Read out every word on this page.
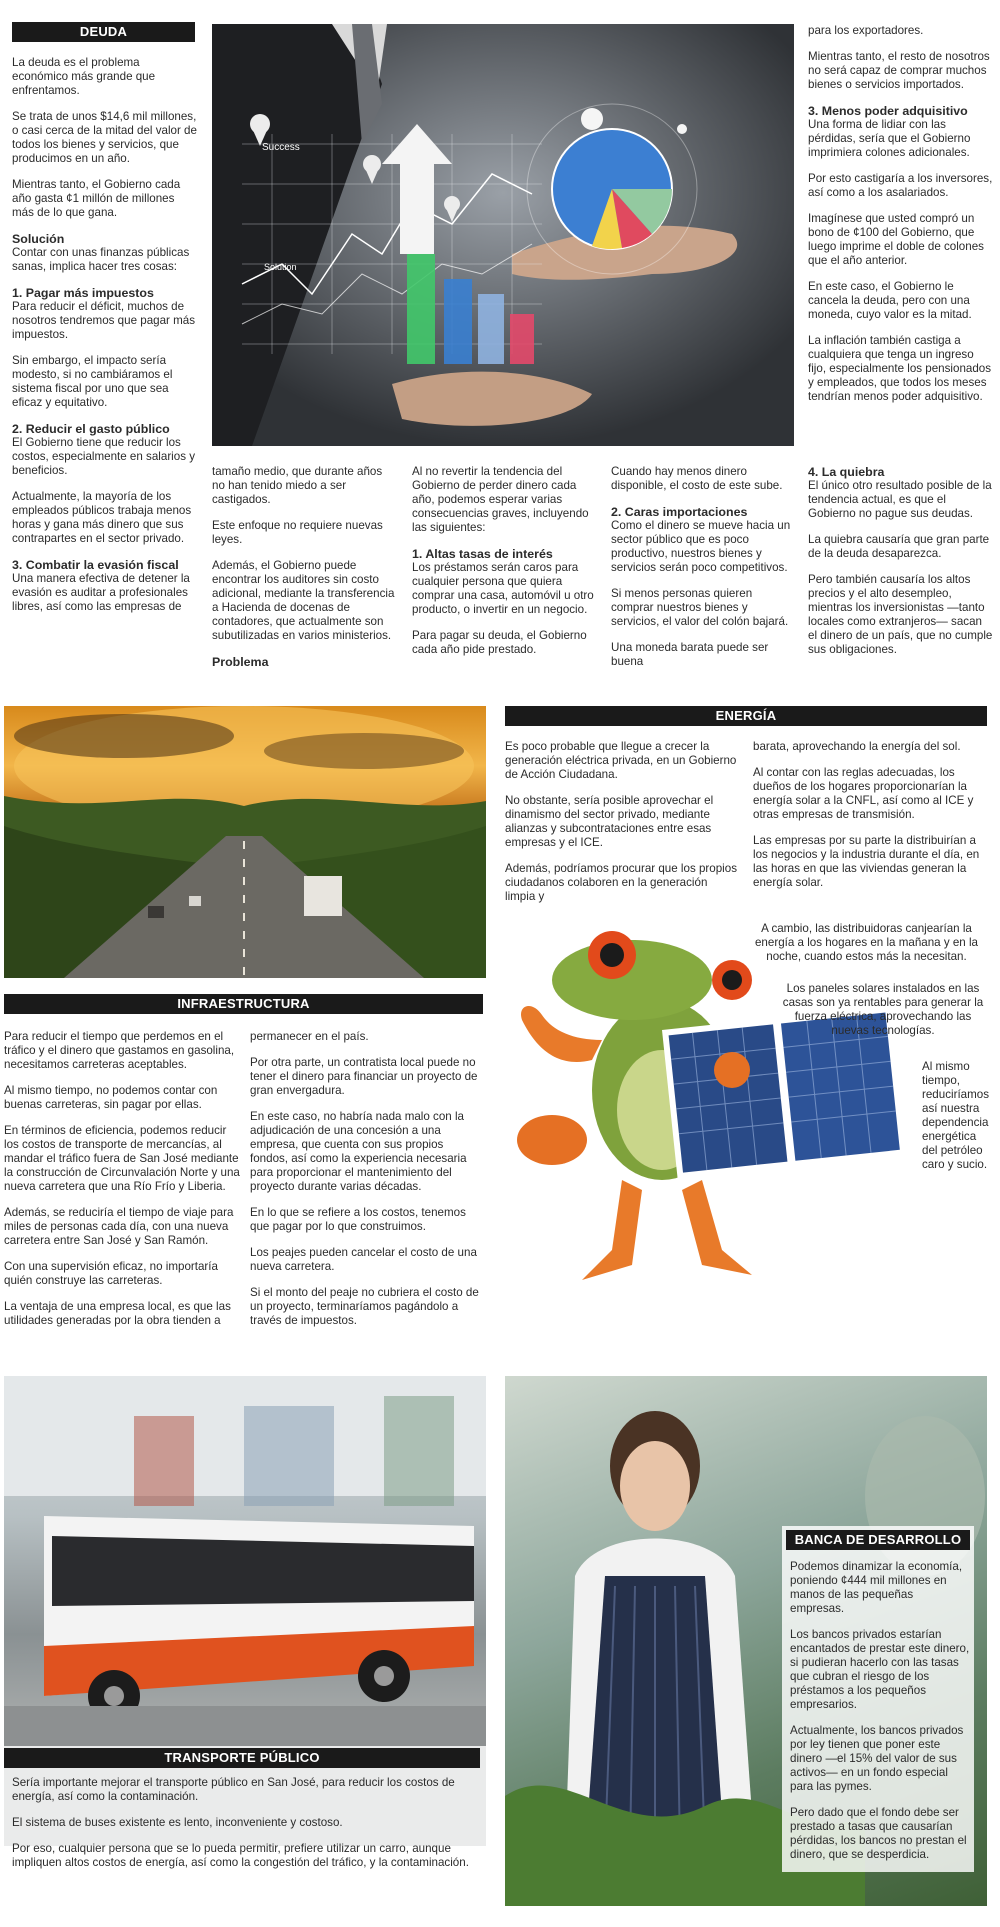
DEUDA

La deuda es el problema económico más grande que enfrentamos.

Se trata de unos $14,6 mil millones, o casi cerca de la mitad del valor de todos los bienes y servicios, que producimos en un año.

Mientras tanto, el Gobierno cada año gasta ¢1 millón de millones más de lo que gana.

Solución

Contar con unas finanzas públicas sanas, implica hacer tres cosas:

1. Pagar más impuestos

Para reducir el déficit, muchos de nosotros tendremos que pagar más impuestos.

Sin embargo, el impacto sería modesto, si no cambiáramos el sistema fiscal por uno que sea eficaz y equitativo.

2. Reducir el gasto público

El Gobierno tiene que reducir los costos, especialmente en salarios y beneficios.

Actualmente, la mayoría de los empleados públicos trabaja menos horas y gana más dinero que sus contrapartes en el sector privado.

3. Combatir la evasión fiscal

Una manera efectiva de detener la evasión es auditar a profesionales libres, así como las empresas de

Success
Solution

para los exportadores.

Mientras tanto, el resto de nosotros no será capaz de comprar muchos bienes o servicios importados.

3. Menos poder adquisitivo

Una forma de lidiar con las pérdidas, sería que el Gobierno imprimiera colones adicionales.

Por esto castigaría a los inversores, así como a los asalariados.

Imagínese que usted compró un bono de ¢100 del Gobierno, que luego imprime el doble de colones que el año anterior.

En este caso, el Gobierno le cancela la deuda, pero con una moneda, cuyo valor es la mitad.

La inflación también castiga a cualquiera que tenga un ingreso fijo, especialmente los pensionados y empleados, que todos los meses tendrían menos poder adquisitivo.

tamaño medio, que durante años no han tenido miedo a ser castigados.

Este enfoque no requiere nuevas leyes.

Además, el Gobierno puede encontrar los auditores sin costo adicional, mediante la transferencia a Hacienda de docenas de contadores, que actualmente son subutilizadas en varios ministerios.

Problema

Al no revertir la tendencia del Gobierno de perder dinero cada año, podemos esperar varias consecuencias graves, incluyendo las siguientes:

1. Altas tasas de interés

Los préstamos serán caros para cualquier persona que quiera comprar una casa, automóvil u otro producto, o invertir en un negocio.

Para pagar su deuda, el Gobierno cada año pide prestado.

Cuando hay menos dinero disponible, el costo de este sube.

2. Caras importaciones

Como el dinero se mueve hacia un sector público que es poco productivo, nuestros bienes y servicios serán poco competitivos.

Si menos personas quieren comprar nuestros bienes y servicios, el valor del colón bajará.

Una moneda barata puede ser buena

4. La quiebra

El único otro resultado posible de la tendencia actual, es que el Gobierno no pague sus deudas.

La quiebra causaría que gran parte de la deuda desaparezca.

Pero también causaría los altos precios y el alto desempleo, mientras los inversionistas —tanto locales como extranjeros— sacan el dinero de un país, que no cumple sus obligaciones.

INFRAESTRUCTURA

Para reducir el tiempo que perdemos en el tráfico y el dinero que gastamos en gasolina, necesitamos carreteras aceptables.

Al mismo tiempo, no podemos contar con buenas carreteras, sin pagar por ellas.

En términos de eficiencia, podemos reducir los costos de transporte de mercancías, al mandar el tráfico fuera de San José mediante la construcción de Circunvalación Norte y una nueva carretera que una Río Frío y Liberia.

Además, se reduciría el tiempo de viaje para miles de personas cada día, con una nueva carretera entre San José y San Ramón.

Con una supervisión eficaz, no importaría quién construye las carreteras.

La ventaja de una empresa local, es que las utilidades generadas por la obra tienden a

permanecer en el país.

Por otra parte, un contratista local puede no tener el dinero para financiar un proyecto de gran envergadura.

En este caso, no habría nada malo con la adjudicación de una concesión a una empresa, que cuenta con sus propios fondos, así como la experiencia necesaria para proporcionar el mantenimiento del proyecto durante varias décadas.

En lo que se refiere a los costos, tenemos que pagar por lo que construimos.

Los peajes pueden cancelar el costo de una nueva carretera.

Si el monto del peaje no cubriera el costo de un proyecto, terminaríamos pagándolo a través de impuestos.

ENERGÍA

Es poco probable que llegue a crecer la generación eléctrica privada, en un Gobierno de Acción Ciudadana.

No obstante, sería posible aprovechar el dinamismo del sector privado, mediante alianzas y subcontrataciones entre esas empresas y el ICE.

Además, podríamos procurar que los propios ciudadanos colaboren en la generación limpia y

barata, aprovechando la energía del sol.

Al contar con las reglas adecuadas, los dueños de los hogares proporcionarían la energía solar a la CNFL, así como al ICE y otras empresas de transmisión.

Las empresas por su parte la distribuirían a los negocios y la industria durante el día, en las horas en que las viviendas generan la energía solar.

A cambio, las distribuidoras canjearían la energía a los hogares en la mañana y en la noche, cuando estos más la necesitan.
Los paneles solares instalados en las casas son ya rentables para generar la fuerza eléctrica, aprovechando las nuevas tecnologías.
Al mismo tiempo, reduciríamos así nuestra dependencia energética del petróleo caro y sucio.
TRANSPORTE PÚBLICO

Sería importante mejorar el transporte público en San José, para reducir los costos de energía, así como la contaminación.

El sistema de buses existente es lento, inconveniente y costoso.

Por eso, cualquier persona que se lo pueda permitir, prefiere utilizar un carro, aunque impliquen altos costos de energía, así como la congestión del tráfico, y la contaminación.

BANCA DE DESARROLLO

Podemos dinamizar la economía, poniendo ¢444 mil millones en manos de las pequeñas empresas.

Los bancos privados estarían encantados de prestar este dinero, si pudieran hacerlo con las tasas que cubran el riesgo de los préstamos a los pequeños empresarios.

Actualmente, los bancos privados por ley tienen que poner este dinero —el 15% del valor de sus activos— en un fondo especial para las pymes.

Pero dado que el fondo debe ser prestado a tasas que causarían pérdidas, los bancos no prestan el dinero, que se desperdicia.
